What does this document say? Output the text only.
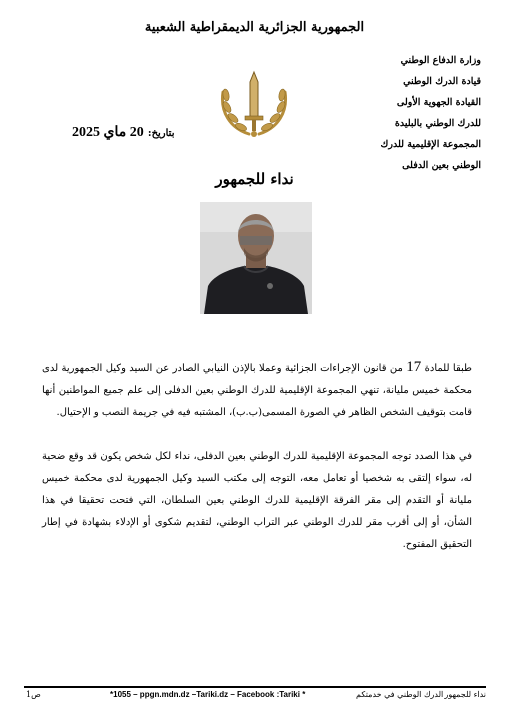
الجمهورية الجزائرية الديمقراطية الشعبية
وزارة الدفاع الوطني
قيادة الدرك الوطني
القيادة الجهوية الأولى
للدرك الوطني بالبليدة
المجموعة الإقليمية للدرك
الوطني بعين الدفلى
بتاريخ: 20 ماي 2025
نداء للجمهور

طبقا للمادة 17 من قانون الإجراءات الجزائية وعملا بالإذن النيابي الصادر عن السيد وكيل الجمهورية لدى محكمة خميس مليانة، تنهي المجموعة الإقليمية للدرك الوطني بعين الدفلى إلى علم جميع المواطنين أنها قامت بتوقيف الشخص الظاهر في الصورة المسمى(ب.ب)، المشتبه فيه في جريمة النصب و الإحتيال.

في هذا الصدد توجه المجموعة الإقليمية للدرك الوطني بعين الدفلى، نداء لكل شخص يكون قد وقع ضحية له، سواء إلتقى به شخصيا أو تعامل معه، التوجه إلى مكتب السيد وكيل الجمهورية لدى محكمة خميس مليانة أو التقدم إلى مقر الفرقة الإقليمية للدرك الوطني بعين السلطان، التي فتحت تحقيقا في هذا الشأن، أو إلى أقرب مقر للدرك الوطني عبر التراب الوطني، لتقديم شكوى أو الإدلاء بشهادة في إطار التحقيق المفتوح.

ص1	*1055 – ppgn.mdn.dz –Tariki.dz – Facebook :Tariki *	الدرك الوطني في خدمتكم نداء للجمهور
